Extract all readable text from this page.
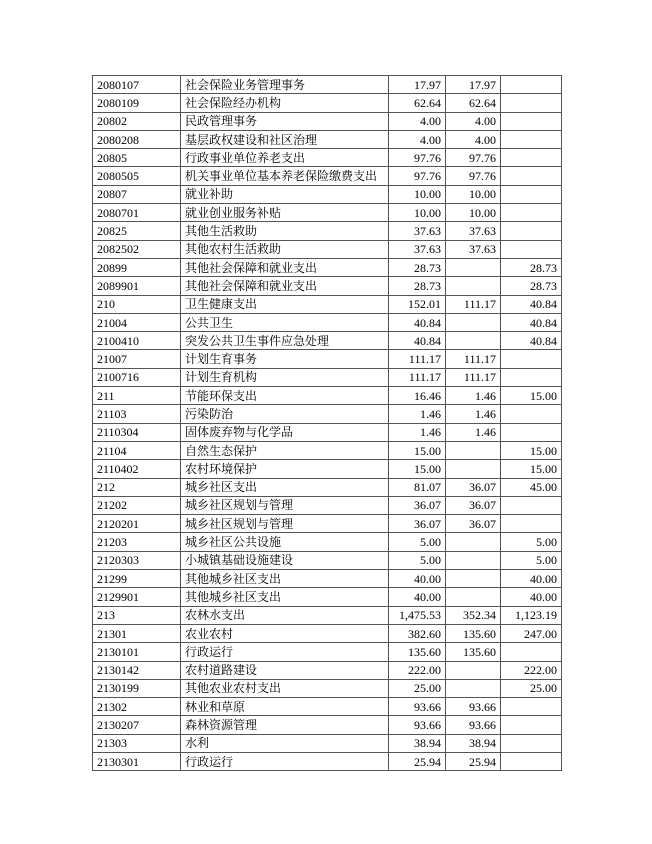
2080107	社会保险业务管理事务	17.97	17.97	
2080109	社会保险经办机构	62.64	62.64	
20802	民政管理事务	4.00	4.00	
2080208	基层政权建设和社区治理	4.00	4.00	
20805	行政事业单位养老支出	97.76	97.76	
2080505	机关事业单位基本养老保险缴费支出	97.76	97.76	
20807	就业补助	10.00	10.00	
2080701	就业创业服务补贴	10.00	10.00	
20825	其他生活救助	37.63	37.63	
2082502	其他农村生活救助	37.63	37.63	
20899	其他社会保障和就业支出	28.73		28.73
2089901	其他社会保障和就业支出	28.73		28.73
210	卫生健康支出	152.01	111.17	40.84
21004	公共卫生	40.84		40.84
2100410	突发公共卫生事件应急处理	40.84		40.84
21007	计划生育事务	111.17	111.17	
2100716	计划生育机构	111.17	111.17	
211	节能环保支出	16.46	1.46	15.00
21103	污染防治	1.46	1.46	
2110304	固体废弃物与化学品	1.46	1.46	
21104	自然生态保护	15.00		15.00
2110402	农村环境保护	15.00		15.00
212	城乡社区支出	81.07	36.07	45.00
21202	城乡社区规划与管理	36.07	36.07	
2120201	城乡社区规划与管理	36.07	36.07	
21203	城乡社区公共设施	5.00		5.00
2120303	小城镇基础设施建设	5.00		5.00
21299	其他城乡社区支出	40.00		40.00
2129901	其他城乡社区支出	40.00		40.00
213	农林水支出	1,475.53	352.34	1,123.19
21301	农业农村	382.60	135.60	247.00
2130101	行政运行	135.60	135.60	
2130142	农村道路建设	222.00		222.00
2130199	其他农业农村支出	25.00		25.00
21302	林业和草原	93.66	93.66	
2130207	森林资源管理	93.66	93.66	
21303	水利	38.94	38.94	
2130301	行政运行	25.94	25.94	
